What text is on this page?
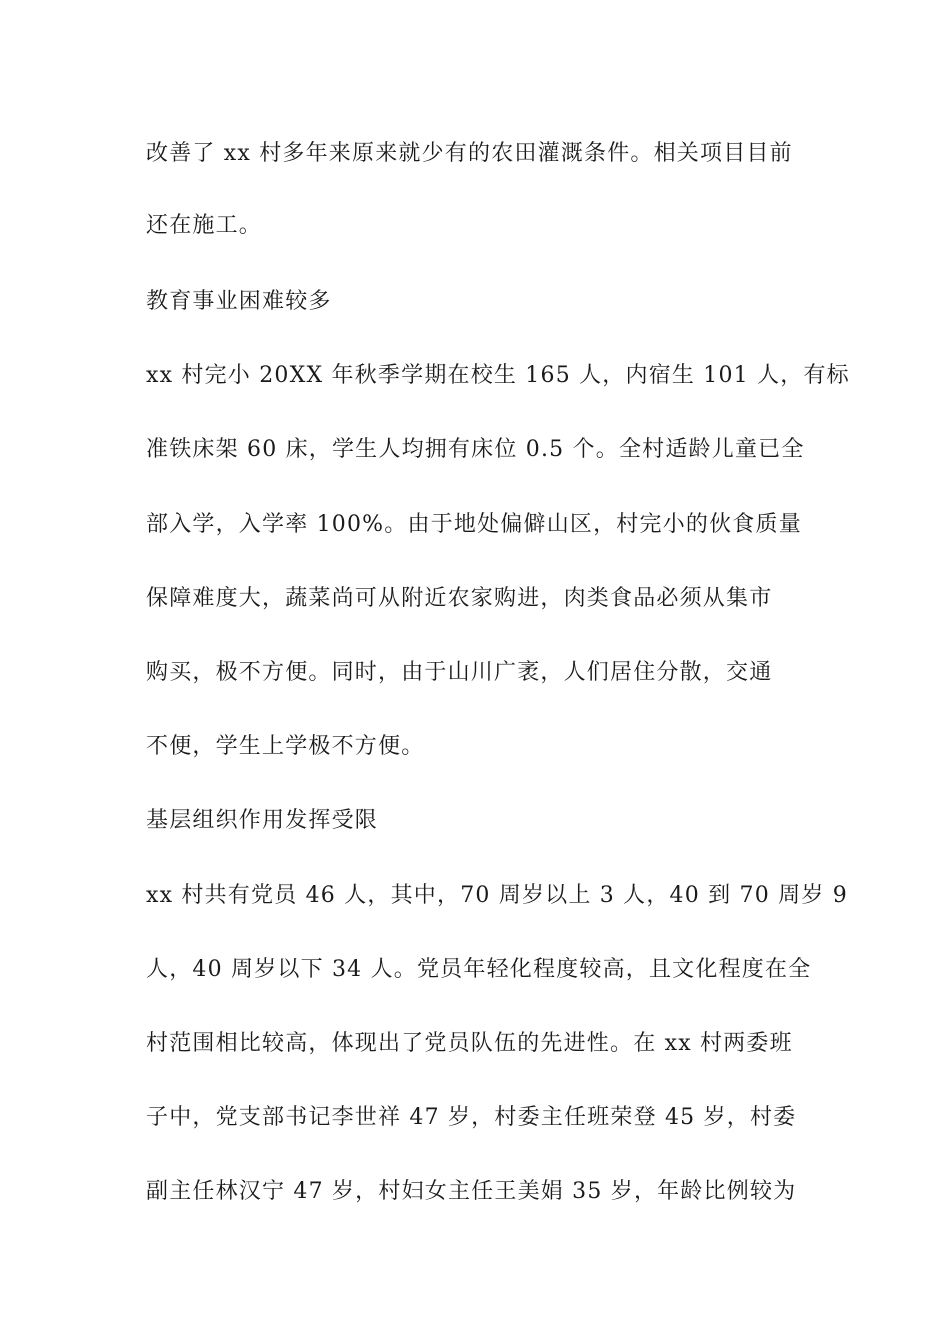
改善了 xx 村多年来原来就少有的农田灌溉条件。相关项目目前
还在施工。
教育事业困难较多
xx 村完小 20XX 年秋季学期在校生 165 人，内宿生 101 人，有标
准铁床架 60 床，学生人均拥有床位 0.5 个。全村适龄儿童已全
部入学，入学率 100%。由于地处偏僻山区，村完小的伙食质量
保障难度大，蔬菜尚可从附近农家购进，肉类食品必须从集市
购买，极不方便。同时，由于山川广袤，人们居住分散，交通
不便，学生上学极不方便。
基层组织作用发挥受限
xx 村共有党员 46 人，其中，70 周岁以上 3 人，40 到 70 周岁 9
人，40 周岁以下 34 人。党员年轻化程度较高，且文化程度在全
村范围相比较高，体现出了党员队伍的先进性。在 xx 村两委班
子中，党支部书记李世祥 47 岁，村委主任班荣登 45 岁，村委
副主任林汉宁 47 岁，村妇女主任王美娟 35 岁，年龄比例较为
